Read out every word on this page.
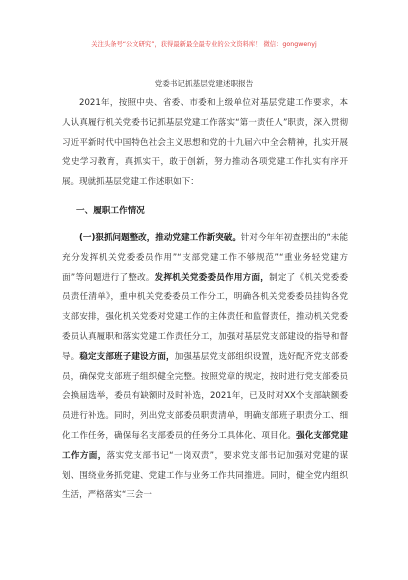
关注头条号“公文研究”，获得最新最全最专业的公文资料库！ 微信：gongwenyj
党委书记抓基层党建述职报告
2021年，按照中央、省委、市委和上级单位对基层党建工作要求，本人认真履行机关党委书记抓基层党建工作落实“第一责任人”职责，深入贯彻习近平新时代中国特色社会主义思想和党的十九届六中全会精神，扎实开展党史学习教育，真抓实干，敢于创新，努力推动各项党建工作扎实有序开展。现就抓基层党建工作述职如下：
一、履职工作情况
(一)狠抓问题整改，推动党建工作新突破。针对今年年初查摆出的“未能充分发挥机关党委委员作用”“支部党建工作不够规范”“重业务轻党建方面”等问题进行了整改。发挥机关党委委员作用方面，制定了《机关党委委员责任清单》，重申机关党委委员工作分工，明确各机关党委委员挂钩各党支部安排，强化机关党委对党建工作的主体责任和监督责任，推动机关党委委员认真履职和落实党建工作责任分工，加强对基层党支部建设的指导和督导。稳定支部班子建设方面，加强基层党支部组织设置，选好配齐党支部委员，确保党支部班子组织健全完整。按照党章的规定，按时进行党支部委员会换届选举，委员有缺额时及时补选，2021年，已及时对XX个支部缺额委员进行补选。同时，列出党支部委员职责清单，明确支部班子职责分工、细化工作任务，确保每名支部委员的任务分工具体化、项目化。强化支部党建工作方面，落实党支部书记“一岗双责”，要求党支部书记加强对党建的谋划、围绕业务抓党建、党建工作与业务工作共同推进。同时，健全党内组织生活，严格落实“三会一
